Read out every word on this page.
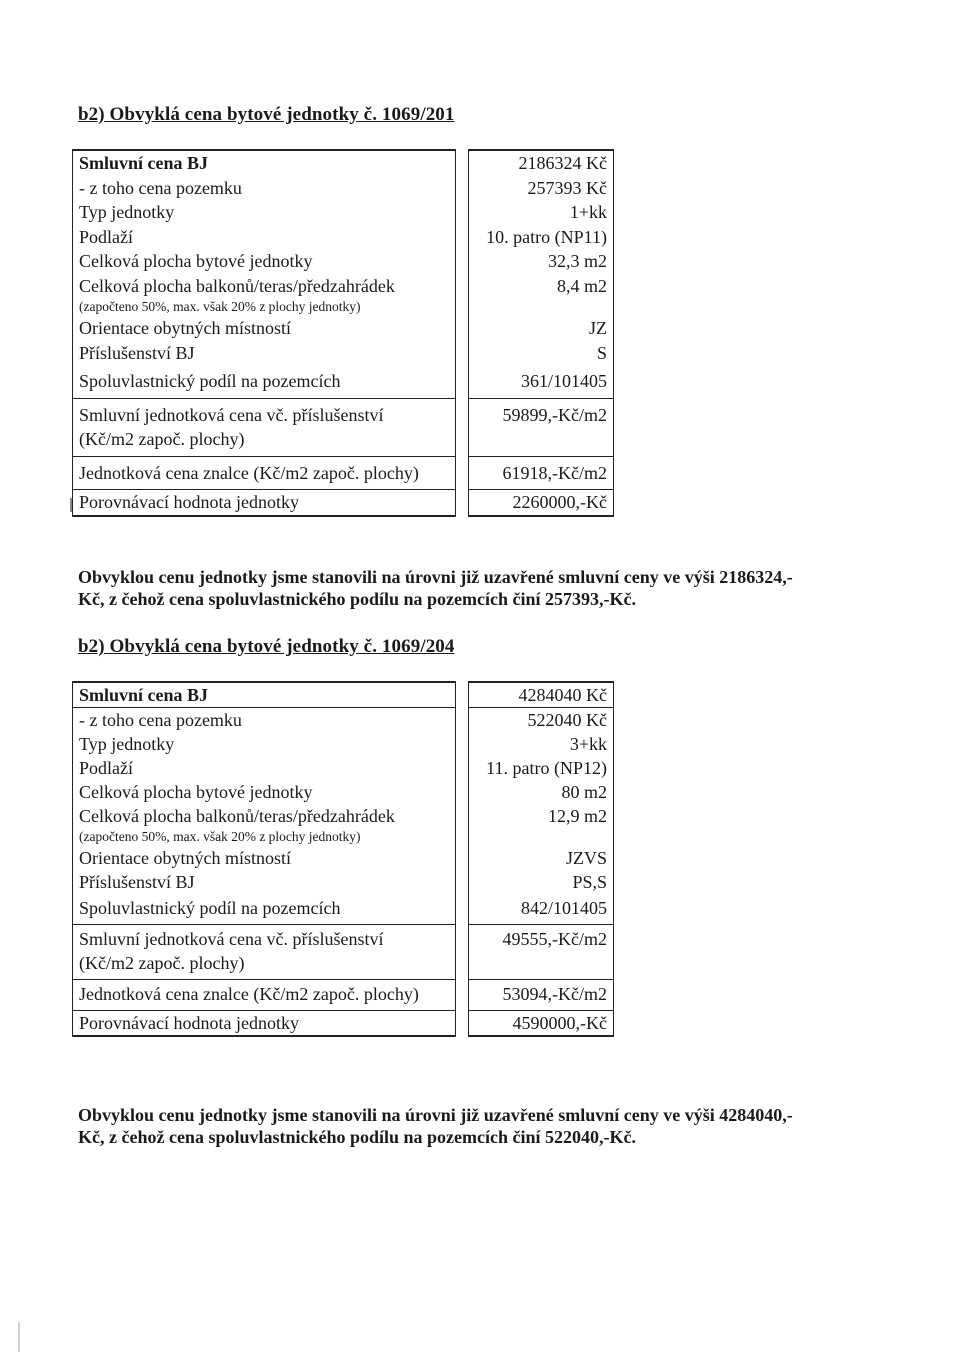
b2) Obvyklá cena bytové jednotky č. 1069/201
Smluvní cena BJ		2186324 Kč
- z toho cena pozemku		257393 Kč
Typ jednotky		1+kk
Podlaží		10. patro (NP11)
Celková plocha bytové jednotky		32,3 m2
Celková plocha balkonů/teras/předzahrádek
(započteno 50%, max. však 20% z plochy jednotky)		8,4 m2
Orientace obytných místností		JZ
Příslušenství BJ		S
Spoluvlastnický podíl na pozemcích		361/101405
Smluvní jednotková cena vč. příslušenství
(Kč/m2 započ. plochy)		59899,-Kč/m2
Jednotková cena znalce (Kč/m2 započ. plochy)		61918,-Kč/m2
Porovnávací hodnota jednotky		2260000,-Kč

Obvyklou cenu jednotky jsme stanovili na úrovni již uzavřené smluvní ceny ve výši 2186324,-Kč, z čehož cena spoluvlastnického podílu na pozemcích činí 257393,-Kč.

b2) Obvyklá cena bytové jednotky č. 1069/204
Smluvní cena BJ		4284040 Kč
- z toho cena pozemku		522040 Kč
Typ jednotky		3+kk
Podlaží		11. patro (NP12)
Celková plocha bytové jednotky		80 m2
Celková plocha balkonů/teras/předzahrádek
(započteno 50%, max. však 20% z plochy jednotky)		12,9 m2
Orientace obytných místností		JZVS
Příslušenství BJ		PS,S
Spoluvlastnický podíl na pozemcích		842/101405
Smluvní jednotková cena vč. příslušenství
(Kč/m2 započ. plochy)		49555,-Kč/m2
Jednotková cena znalce (Kč/m2 započ. plochy)		53094,-Kč/m2
Porovnávací hodnota jednotky		4590000,-Kč

Obvyklou cenu jednotky jsme stanovili na úrovni již uzavřené smluvní ceny ve výši 4284040,-Kč, z čehož cena spoluvlastnického podílu na pozemcích činí 522040,-Kč.
